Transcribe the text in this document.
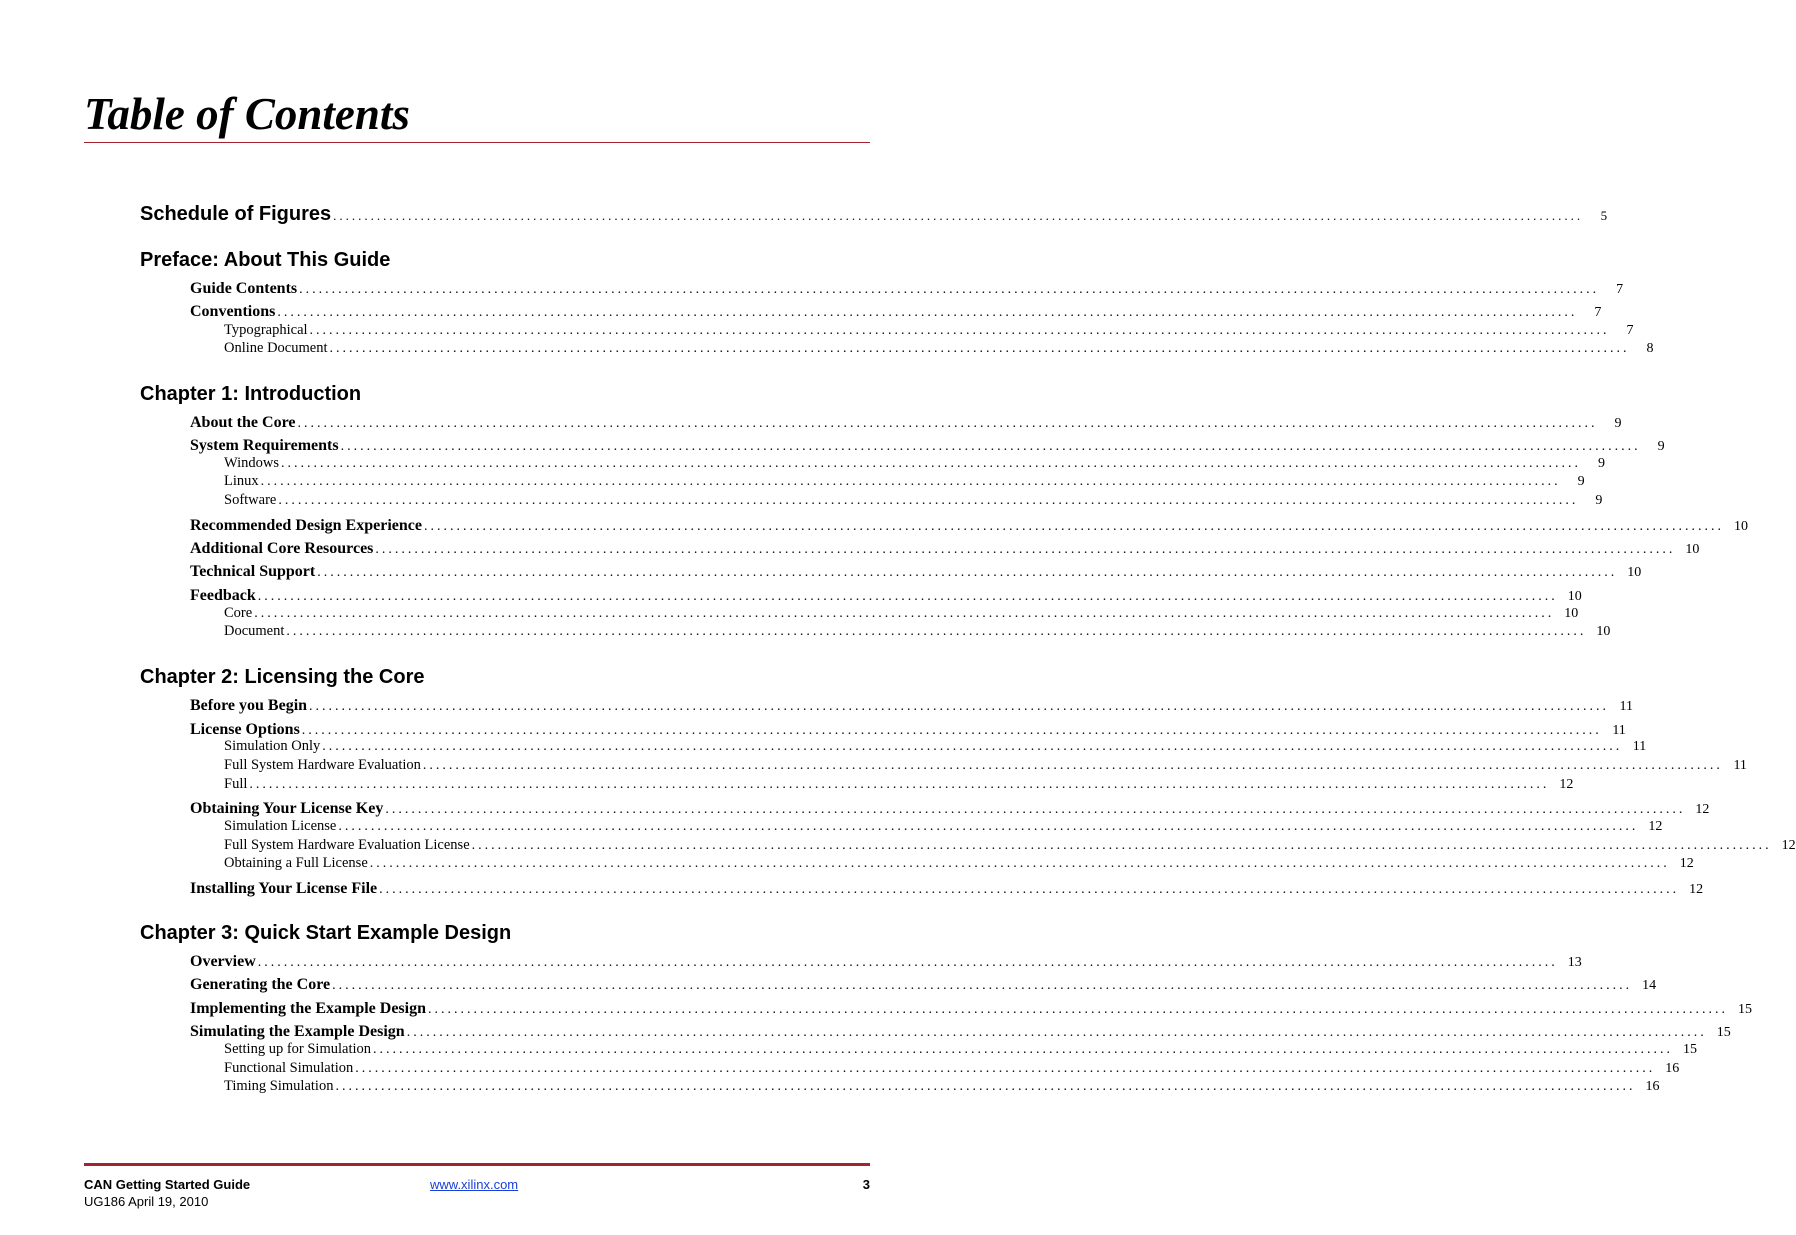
Table of Contents
Schedule of Figures ........................................................................................................................................................................................................	5
Preface: About This Guide
Guide Contents ........................................................................................................................................................................................................	7
Conventions ........................................................................................................................................................................................................	7
Typographical ........................................................................................................................................................................................................	7
Online Document ........................................................................................................................................................................................................	8
Chapter 1: Introduction
About the Core ........................................................................................................................................................................................................	9
System Requirements ........................................................................................................................................................................................................	9
Windows ........................................................................................................................................................................................................	9
Linux ........................................................................................................................................................................................................	9
Software ........................................................................................................................................................................................................	9
Recommended Design Experience ........................................................................................................................................................................................................ 10
Additional Core Resources ........................................................................................................................................................................................................ 10
Technical Support ........................................................................................................................................................................................................ 10
Feedback ........................................................................................................................................................................................................ 10
Core ........................................................................................................................................................................................................ 10
Document ........................................................................................................................................................................................................ 10
Chapter 2: Licensing the Core
Before you Begin ........................................................................................................................................................................................................ 11
License Options ........................................................................................................................................................................................................ 11
Simulation Only ........................................................................................................................................................................................................ 11
Full System Hardware Evaluation ........................................................................................................................................................................................................ 11
Full ........................................................................................................................................................................................................ 12
Obtaining Your License Key ........................................................................................................................................................................................................ 12
Simulation License ........................................................................................................................................................................................................ 12
Full System Hardware Evaluation License ........................................................................................................................................................................................................ 12
Obtaining a Full License ........................................................................................................................................................................................................ 12
Installing Your License File ........................................................................................................................................................................................................ 12
Chapter 3: Quick Start Example Design
Overview ........................................................................................................................................................................................................ 13
Generating the Core ........................................................................................................................................................................................................ 14
Implementing the Example Design ........................................................................................................................................................................................................ 15
Simulating the Example Design ........................................................................................................................................................................................................ 15
Setting up for Simulation ........................................................................................................................................................................................................ 15
Functional Simulation ........................................................................................................................................................................................................ 16
Timing Simulation ........................................................................................................................................................................................................ 16
CAN Getting Started Guide
UG186 April 19, 2010
www.xilinx.com	3
